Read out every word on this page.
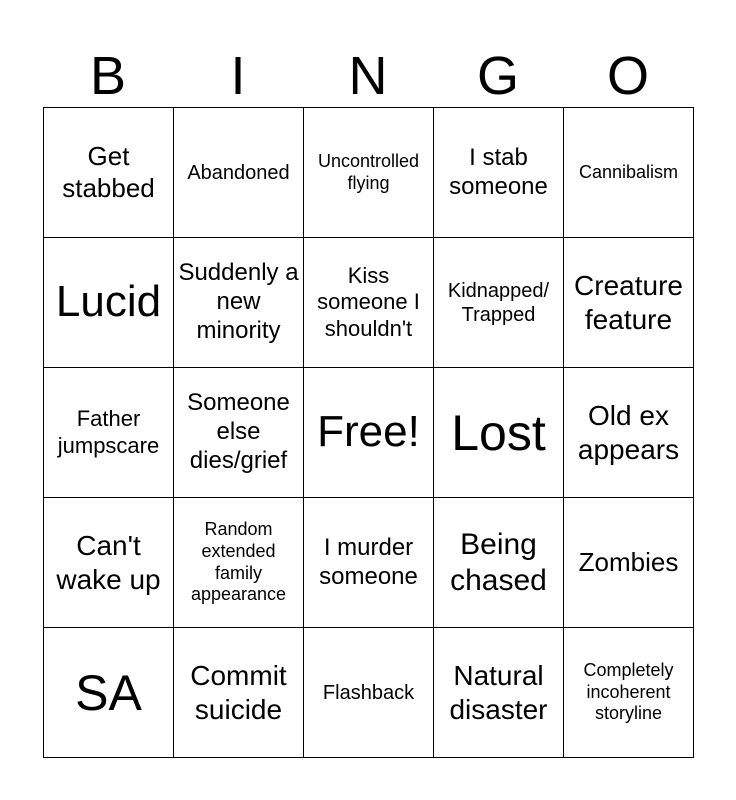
B	I	N	G	O
Get stabbed	Abandoned	Uncontrolled flying	I stab someone	Cannibalism
Lucid	Suddenly a new minority	Kiss someone I shouldn't	Kidnapped/ Trapped	Creature feature
Father jumpscare	Someone else dies/grief	Free!	Lost	Old ex appears
Can't wake up	Random extended family appearance	I murder someone	Being chased	Zombies
SA	Commit suicide	Flashback	Natural disaster	Completely incoherent storyline
